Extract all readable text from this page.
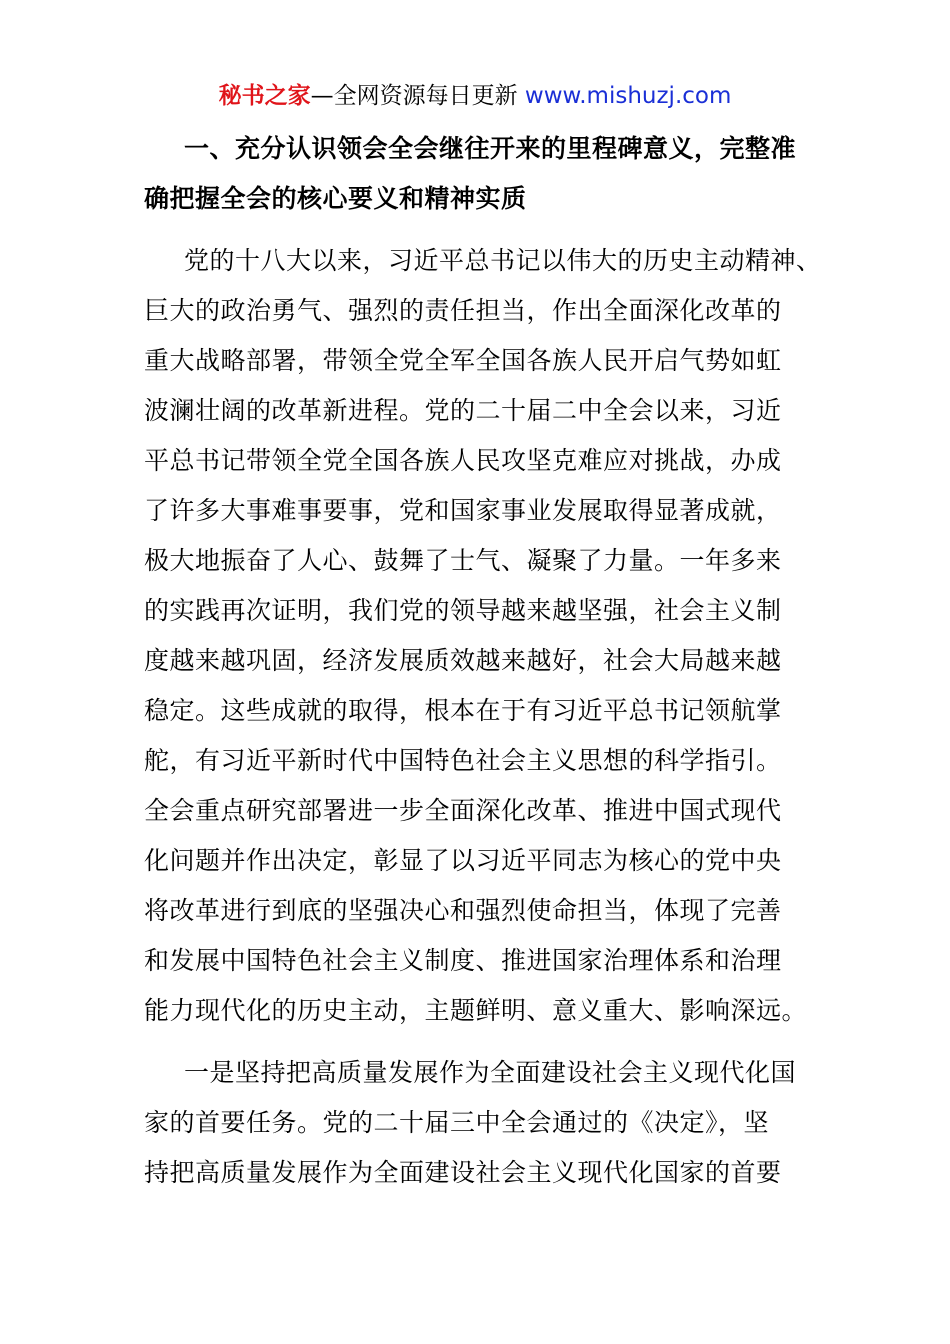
秘书之家—全网资源每日更新 www.mishuzj.com
一、充分认识领会全会继往开来的里程碑意义，完整准
确把握全会的核心要义和精神实质

党的十八大以来，习近平总书记以伟大的历史主动精神、
巨大的政治勇气、强烈的责任担当，作出全面深化改革的
重大战略部署，带领全党全军全国各族人民开启气势如虹
波澜壮阔的改革新进程。党的二十届二中全会以来，习近
平总书记带领全党全国各族人民攻坚克难应对挑战，办成
了许多大事难事要事，党和国家事业发展取得显著成就，
极大地振奋了人心、鼓舞了士气、凝聚了力量。一年多来
的实践再次证明，我们党的领导越来越坚强，社会主义制
度越来越巩固，经济发展质效越来越好，社会大局越来越
稳定。这些成就的取得，根本在于有习近平总书记领航掌
舵，有习近平新时代中国特色社会主义思想的科学指引。
全会重点研究部署进一步全面深化改革、推进中国式现代
化问题并作出决定，彰显了以习近平同志为核心的党中央
将改革进行到底的坚强决心和强烈使命担当，体现了完善
和发展中国特色社会主义制度、推进国家治理体系和治理
能力现代化的历史主动，主题鲜明、意义重大、影响深远。

一是坚持把高质量发展作为全面建设社会主义现代化国
家的首要任务。党的二十届三中全会通过的《决定》，坚
持把高质量发展作为全面建设社会主义现代化国家的首要
